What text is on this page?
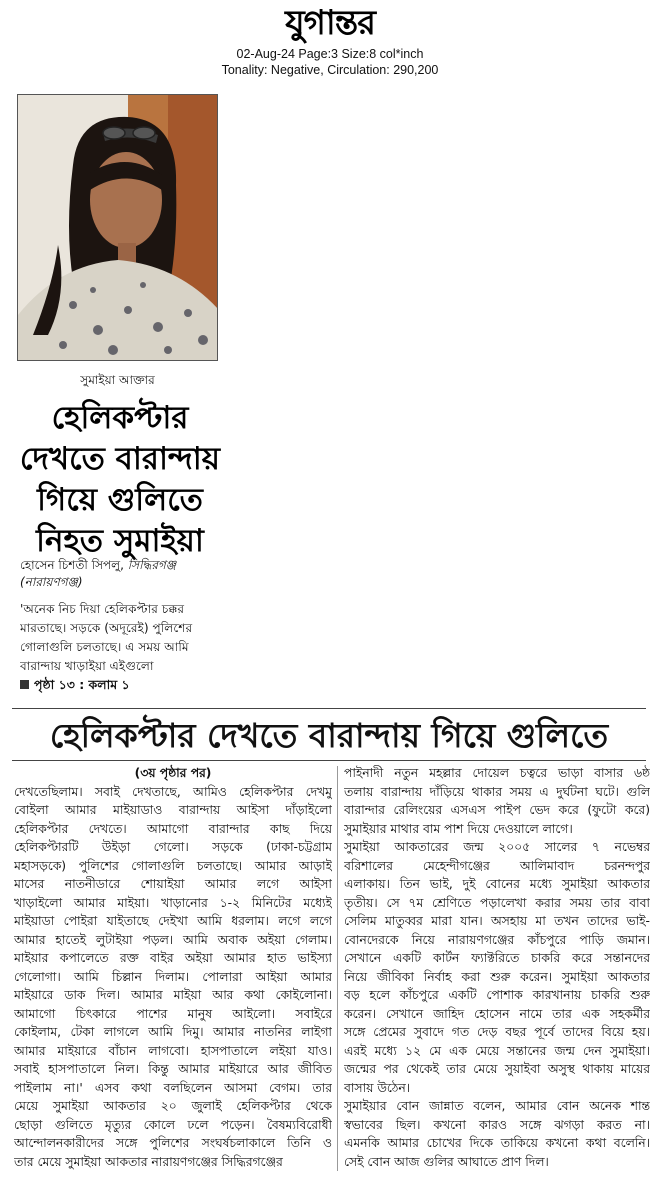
যুগান্তর
02-Aug-24 Page:3 Size:8 col*inch
Tonality: Negative, Circulation: 290,200
সুমাইয়া আক্তার
হেলিকপ্টার
দেখতে বারান্দায়
গিয়ে গুলিতে
নিহত সুমাইয়া
হোসেন চিশতী সিপলু, সিদ্ধিরগঞ্জ
(নারায়ণগঞ্জ)
'অনেক নিচ দিয়া হেলিকপ্টার চক্কর
মারতাছে। সড়কে (অদূরেই) পুলিশের
গোলাগুলি চলতাছে। এ সময় আমি
বারান্দায় খাড়াইয়া এইগুলো
পৃষ্ঠা ১৩ : কলাম ১
হেলিকপ্টার দেখতে বারান্দায় গিয়ে গুলিতে
(৩য় পৃষ্ঠার পর)
দেখতেছিলাম। সবাই দেখতাছে, আমিও হেলিকপ্টার দেখমু
বোইলা আমার মাইয়াডাও বারান্দায় আইসা দাঁড়াইলো
হেলিকপ্টার দেখতে। আমাগো বারান্দার কাছ দিয়ে
হেলিকপ্টারটি উইড়া গেলো। সড়কে (ঢাকা-চট্টগ্রাম
মহাসড়কে) পুলিশের গোলাগুলি চলতাছে। আমার আড়াই
মাসের নাতনীডারে শোয়াইয়া আমার লগে আইসা
খাড়াইলো আমার মাইয়া। খাড়ানোর ১-২ মিনিটের মধ্যেই
মাইয়াডা পোইরা যাইতাছে দেইখা আমি ধরলাম। লগে লগে
আমার হাতেই লুটাইয়া পড়ল। আমি অবাক অইয়া গেলাম।
মাইয়ার কপালেতে রক্ত বাইর অইয়া আমার হাত ভাইস্যা
গেলোগা। আমি চিল্লান দিলাম। পোলারা আইয়া আমার
মাইয়ারে ডাক দিল। আমার মাইয়া আর কথা কোইলোনা।
আমাগো চিৎকারে পাশের মানুষ আইলো। সবাইরে
কোইলাম, টেকা লাগলে আমি দিমু। আমার নাতনির লাইগা
আমার মাইয়ারে বাঁচান লাগবো। হাসপাতালে লইয়া যাও।
সবাই হাসপাতালে নিল। কিন্তু আমার মাইয়ারে আর জীবিত
পাইলাম না।' এসব কথা বলছিলেন আসমা বেগম। তার
মেয়ে সুমাইয়া আকতার ২০ জুলাই হেলিকপ্টার থেকে
ছোড়া গুলিতে মৃত্যুর কোলে ঢলে পড়েন। বৈষম্যবিরোধী
আন্দোলনকারীদের সঙ্গে পুলিশের সংঘর্ষচলাকালে তিনি ও
তার মেয়ে সুমাইয়া আকতার নারায়ণগঞ্জের সিদ্ধিরগঞ্জের
পাইনাদী নতুন মহল্লার দোয়েল চত্বরে ভাড়া বাসার ৬ষ্ঠ
তলায় বারান্দায় দাঁড়িয়ে থাকার সময় এ দুর্ঘটনা ঘটে। গুলি
বারান্দার রেলিংয়ের এসএস পাইপ ভেদ করে (ফুটো করে)
সুমাইয়ার মাথার বাম পাশ দিয়ে দেওয়ালে লাগে।
সুমাইয়া আকতারের জন্ম ২০০৫ সালের ৭ নভেম্বর
বরিশালের মেহেন্দীগঞ্জের আলিমাবাদ চরনন্দপুর
এলাকায়। তিন ভাই, দুই বোনের মধ্যে সুমাইয়া আকতার
তৃতীয়। সে ৭ম শ্রেণিতে পড়ালেখা করার সময় তার বাবা
সেলিম মাতুব্বর মারা যান। অসহায় মা তখন তাদের ভাই-
বোনদেরকে নিয়ে নারায়ণগঞ্জের কাঁচপুরে পাড়ি জমান।
সেখানে একটি কার্টন ফ্যাক্টরিতে চাকরি করে সন্তানদের
নিয়ে জীবিকা নির্বাহ করা শুরু করেন। সুমাইয়া আকতার
বড় হলে কাঁচপুরে একটি পোশাক কারখানায় চাকরি শুরু
করেন। সেখানে জাহিদ হোসেন নামে তার এক সহকর্মীর
সঙ্গে প্রেমের সুবাদে গত দেড় বছর পূর্বে তাদের বিয়ে হয়।
এরই মধ্যে ১২ মে এক মেয়ে সন্তানের জন্ম দেন সুমাইয়া।
জন্মের পর থেকেই তার মেয়ে সুয়াইবা অসুস্থ থাকায় মায়ের
বাসায় উঠেন।
সুমাইয়ার বোন জান্নাত বলেন, আমার বোন অনেক শান্ত
স্বভাবের ছিল। কখনো কারও সঙ্গে ঝগড়া করত না।
এমনকি আমার চোখের দিকে তাকিয়ে কখনো কথা বলেনি।
সেই বোন আজ গুলির আঘাতে প্রাণ দিল।
